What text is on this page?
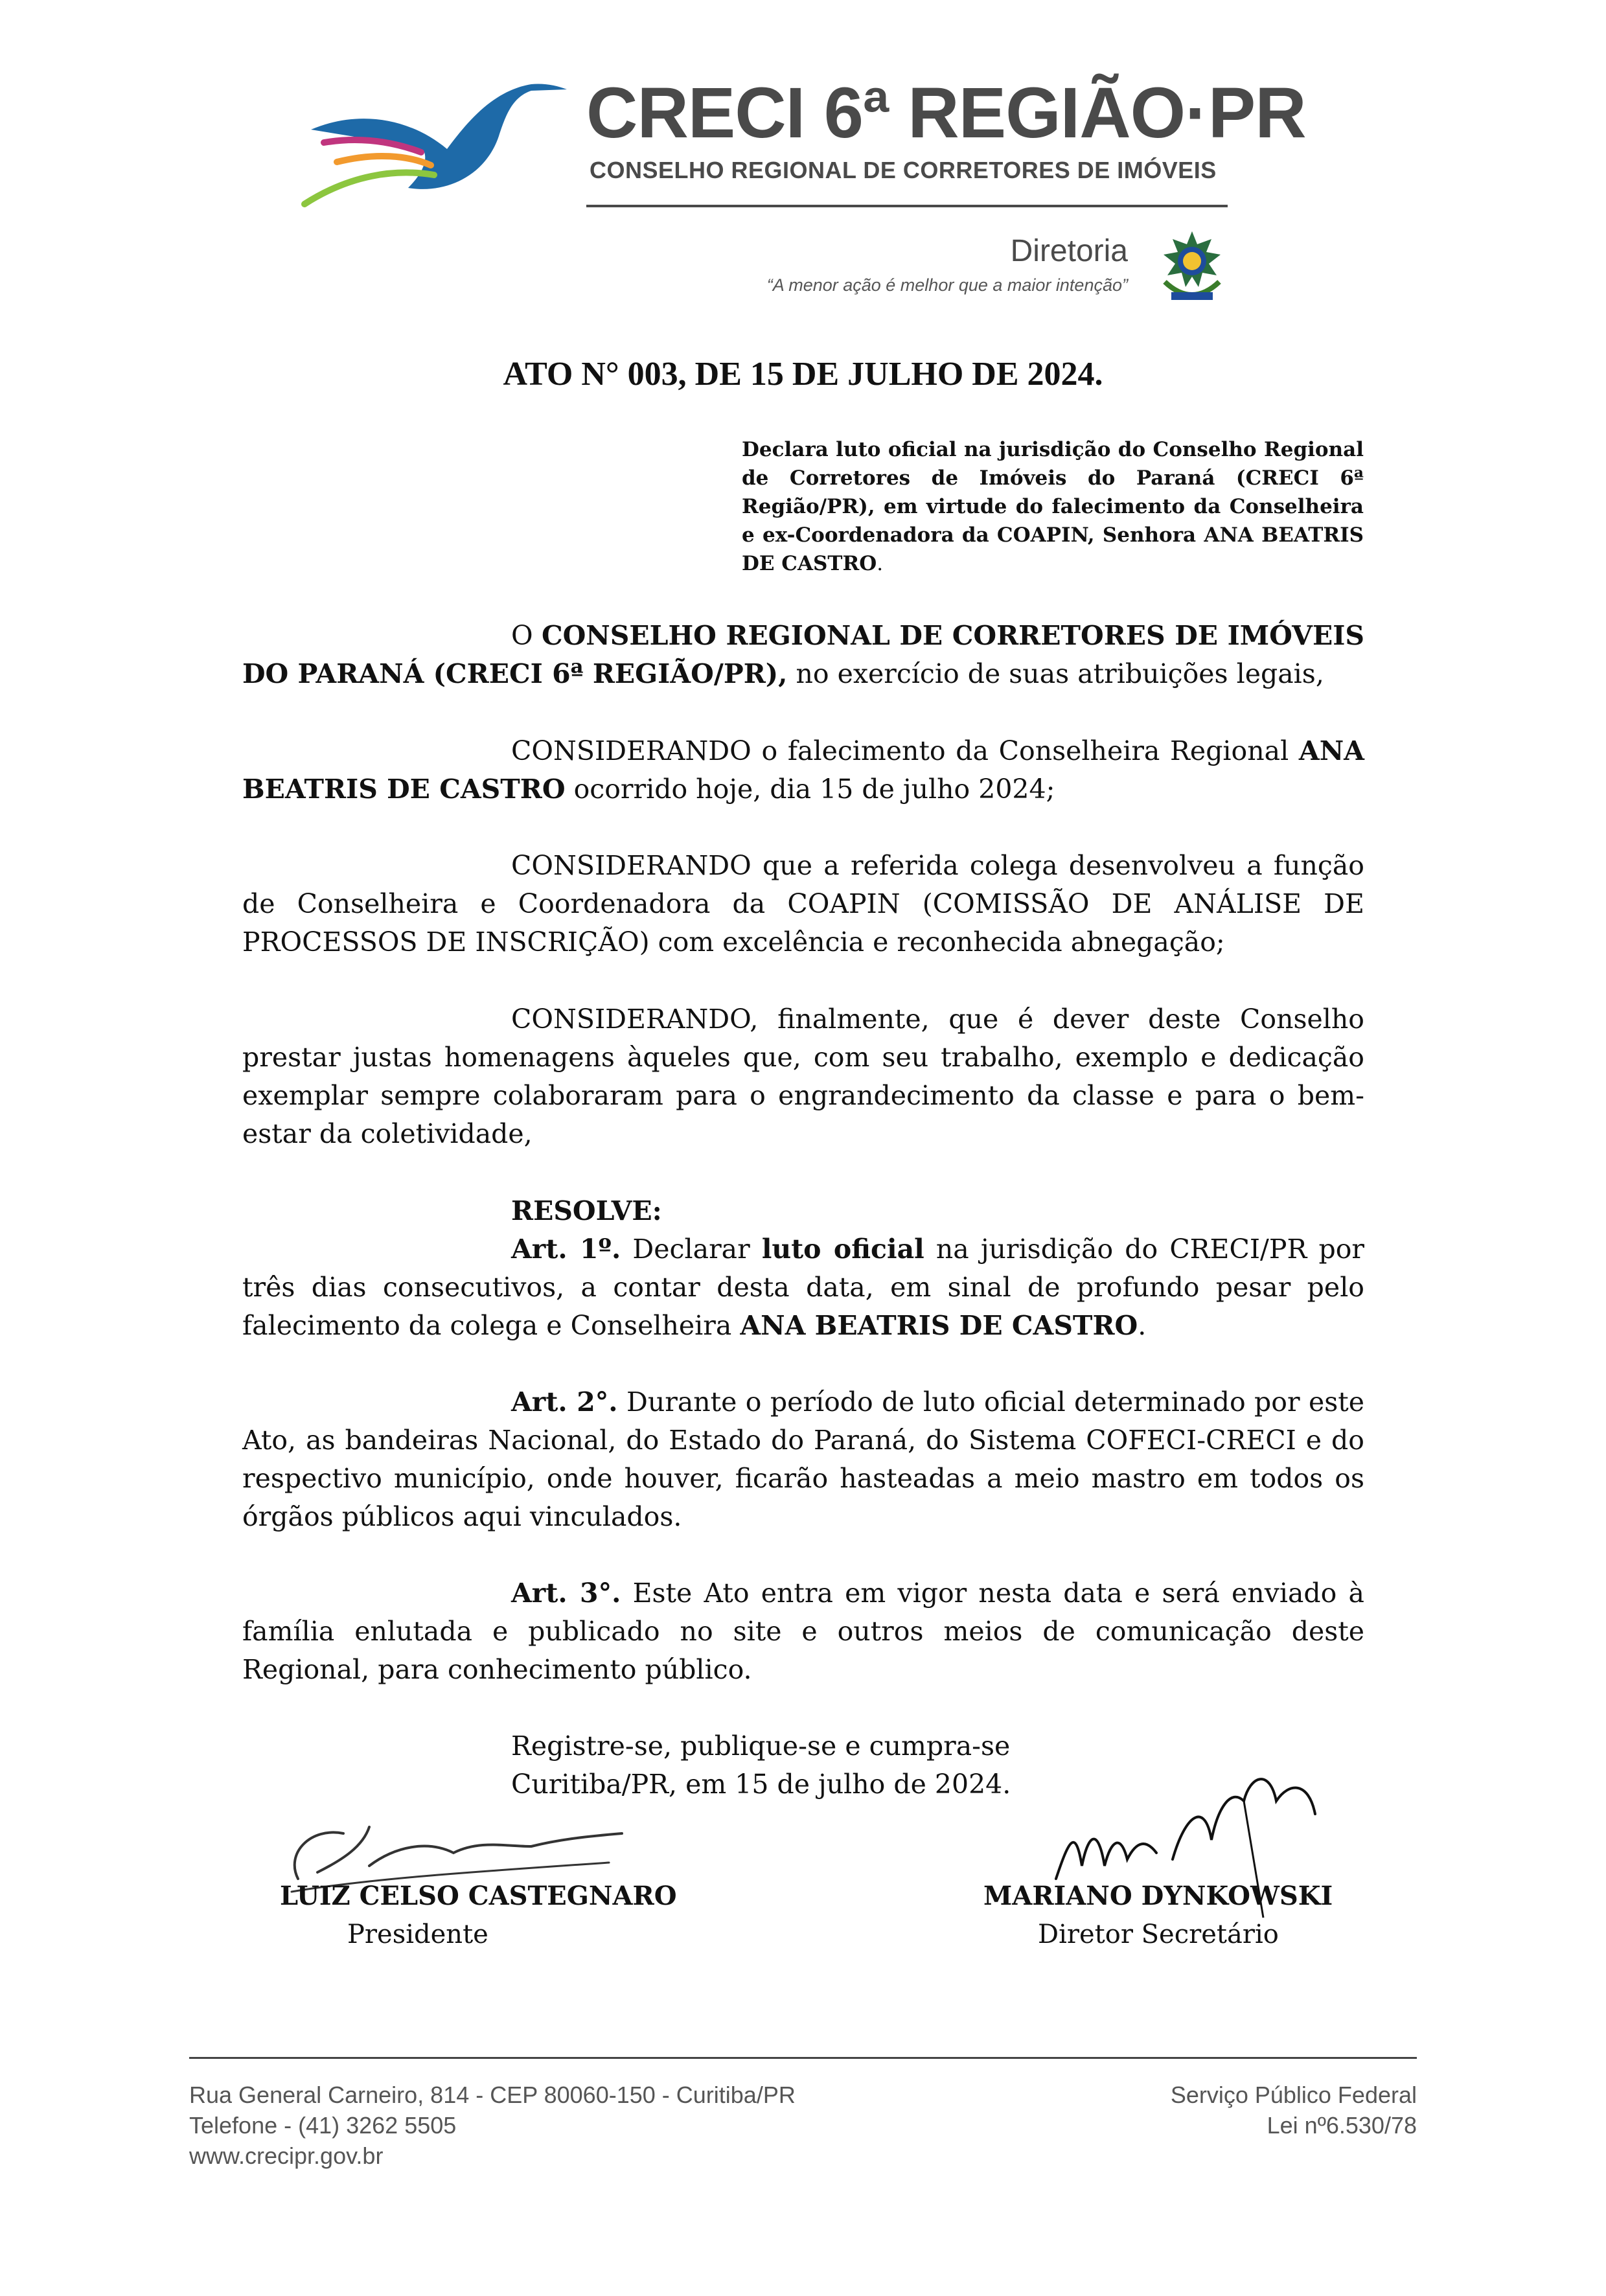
CRECI 6ª REGIÃO·PR
CONSELHO REGIONAL DE CORRETORES DE IMÓVEIS
Diretoria
“A menor ação é melhor que a maior intenção”
ATO N° 003, DE 15 DE JULHO DE 2024.
Declara luto oficial na jurisdição do Conselho Regional de Corretores de Imóveis do Paraná (CRECI 6ª Região/PR), em virtude do falecimento da Conselheira e ex-Coordenadora da COAPIN, Senhora ANA BEATRIS DE CASTRO.
O CONSELHO REGIONAL DE CORRETORES DE IMÓVEIS DO PARANÁ (CRECI 6ª REGIÃO/PR), no exercício de suas atribuições legais,
CONSIDERANDO o falecimento da Conselheira Regional ANA BEATRIS DE CASTRO ocorrido hoje, dia 15 de julho 2024;
CONSIDERANDO que a referida colega desenvolveu a função de Conselheira e Coordenadora da COAPIN (COMISSÃO DE ANÁLISE DE PROCESSOS DE INSCRIÇÃO) com excelência e reconhecida abnegação;
CONSIDERANDO, finalmente, que é dever deste Conselho prestar justas homenagens àqueles que, com seu trabalho, exemplo e dedicação exemplar sempre colaboraram para o engrandecimento da classe e para o bem-estar da coletividade,
RESOLVE:
Art. 1º. Declarar luto oficial na jurisdição do CRECI/PR por três dias consecutivos, a contar desta data, em sinal de profundo pesar pelo falecimento da colega e Conselheira ANA BEATRIS DE CASTRO.
Art. 2°. Durante o período de luto oficial determinado por este Ato, as bandeiras Nacional, do Estado do Paraná, do Sistema COFECI-CRECI e do respectivo município, onde houver, ficarão hasteadas a meio mastro em todos os órgãos públicos aqui vinculados.
Art. 3°. Este Ato entra em vigor nesta data e será enviado à família enlutada e publicado no site e outros meios de comunicação deste Regional, para conhecimento público.
Registre-se, publique-se e cumpra-se
Curitiba/PR, em 15 de julho de 2024.
LUIZ CELSO CASTEGNARO
Presidente
MARIANO DYNKOWSKI
Diretor Secretário
Rua General Carneiro, 814 - CEP 80060-150 - Curitiba/PR
Telefone - (41) 3262 5505
www.crecipr.gov.br
Serviço Público Federal
Lei nº6.530/78
